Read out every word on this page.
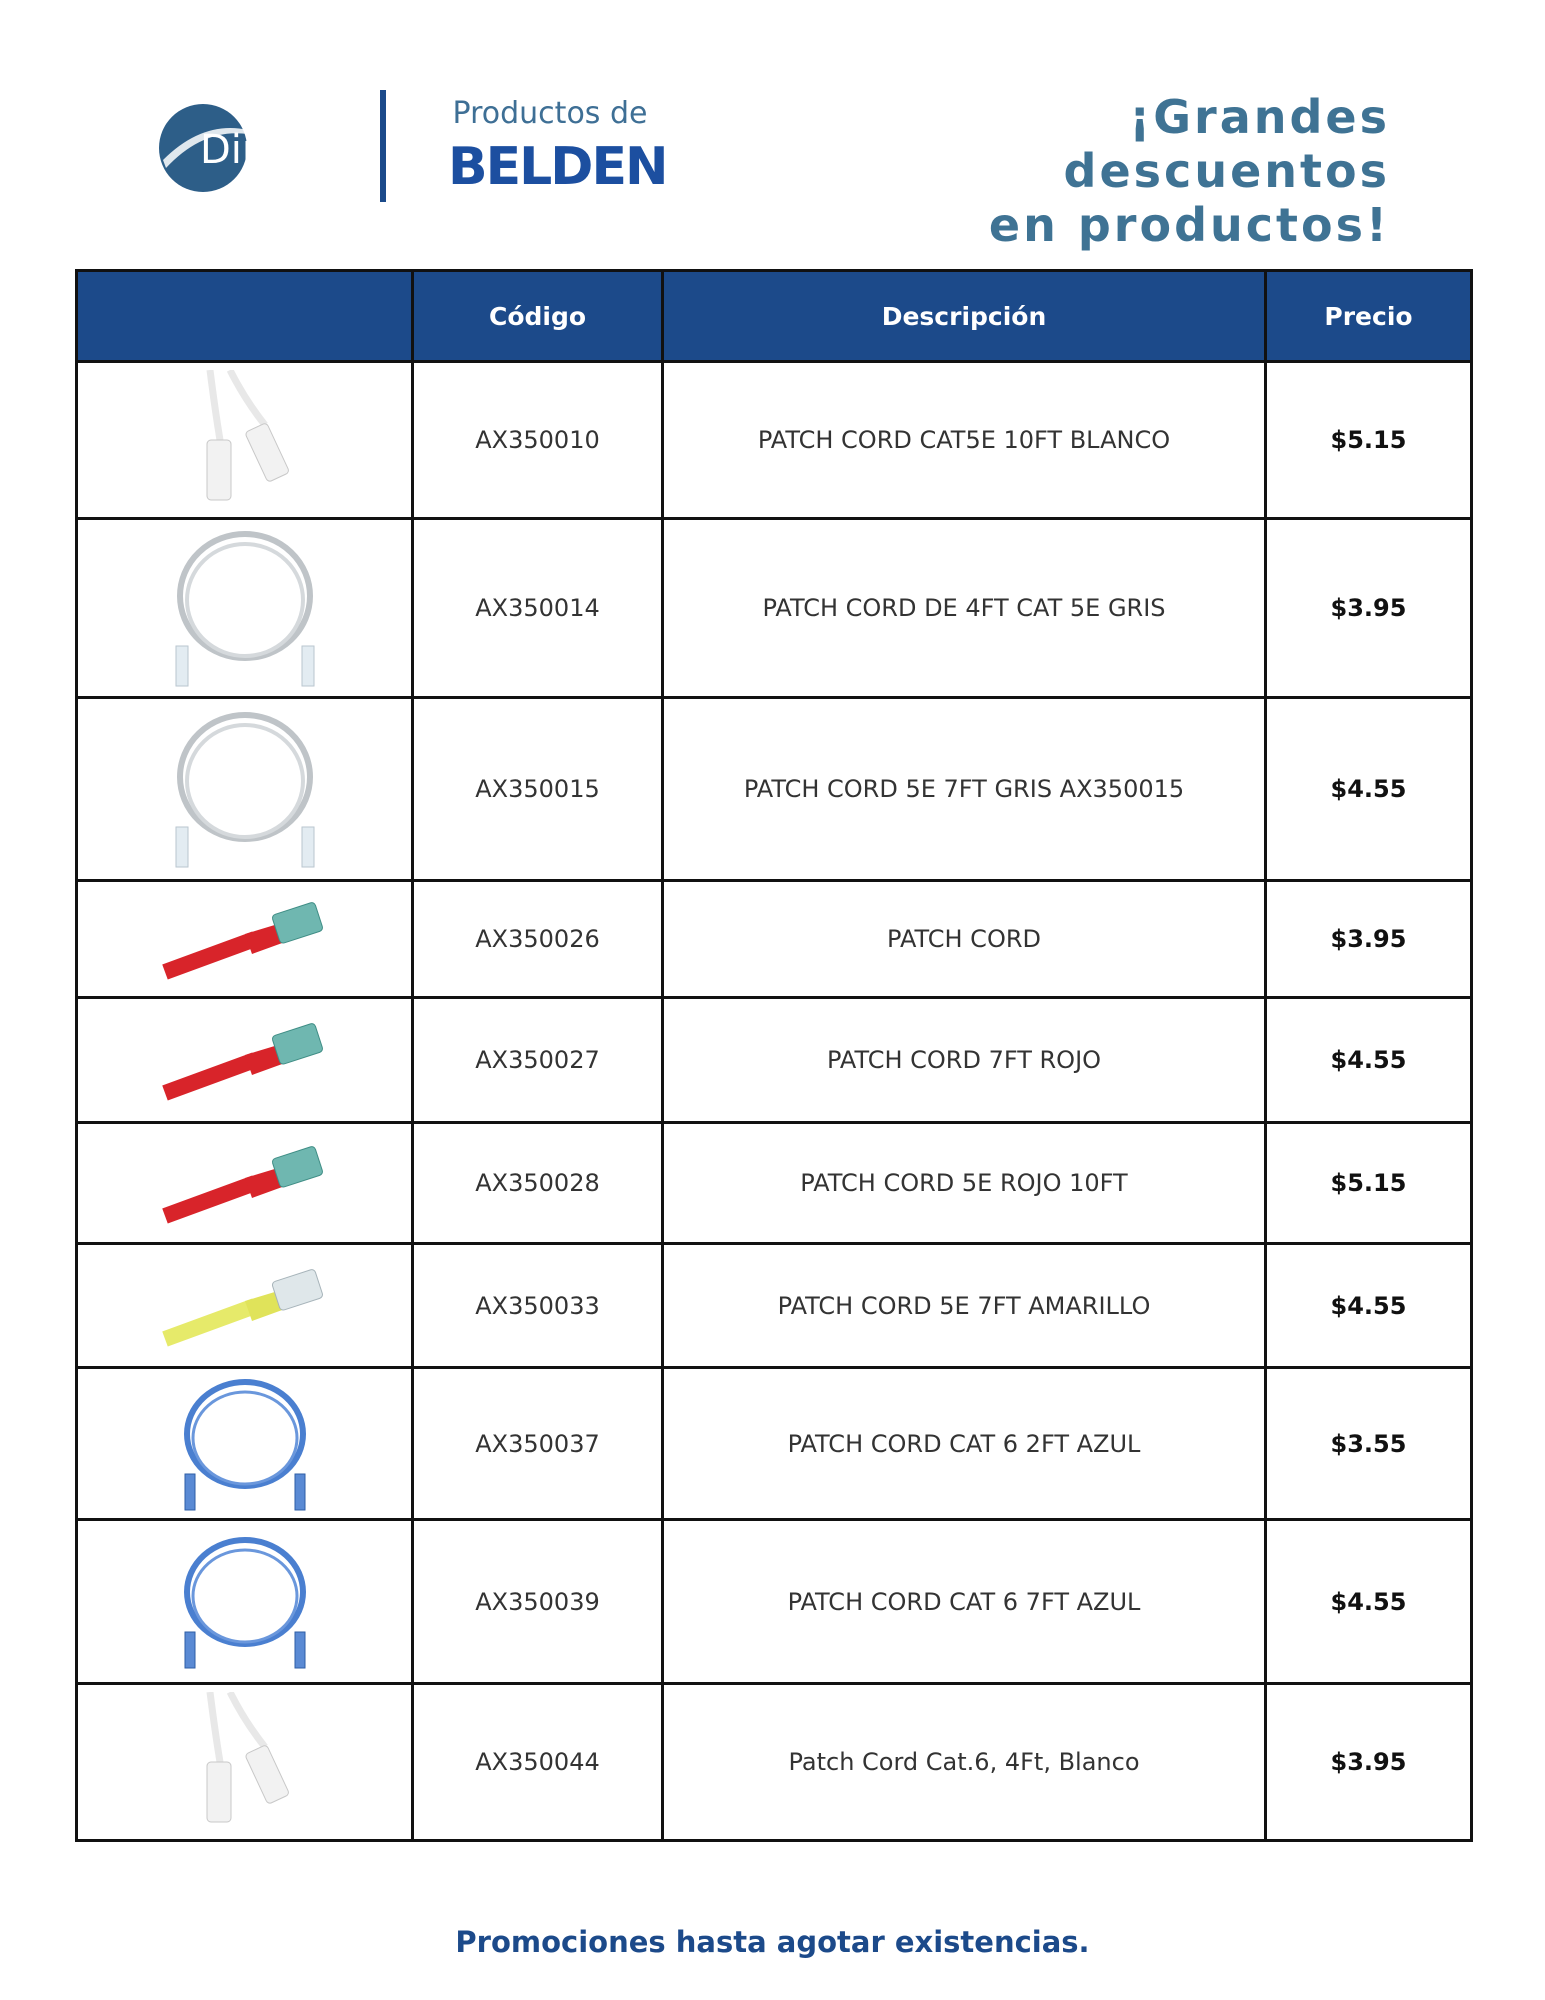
Dinet
Productos de
BELDEN
¡Grandes descuentos
en productos!
	Código	Descripción	Precio

	AX350010	PATCH CORD CAT5E 10FT BLANCO	$5.15

	AX350014	PATCH CORD DE 4FT CAT 5E GRIS	$3.95

	AX350015	PATCH CORD 5E 7FT GRIS AX350015	$4.55

	AX350026	PATCH CORD	$3.95

	AX350027	PATCH CORD 7FT ROJO	$4.55

	AX350028	PATCH CORD 5E ROJO 10FT	$5.15

	AX350033	PATCH CORD 5E 7FT AMARILLO	$4.55

	AX350037	PATCH CORD CAT 6 2FT AZUL	$3.55

	AX350039	PATCH CORD CAT 6 7FT AZUL	$4.55

	AX350044	Patch Cord Cat.6, 4Ft, Blanco	$3.95
Promociones hasta agotar existencias.
